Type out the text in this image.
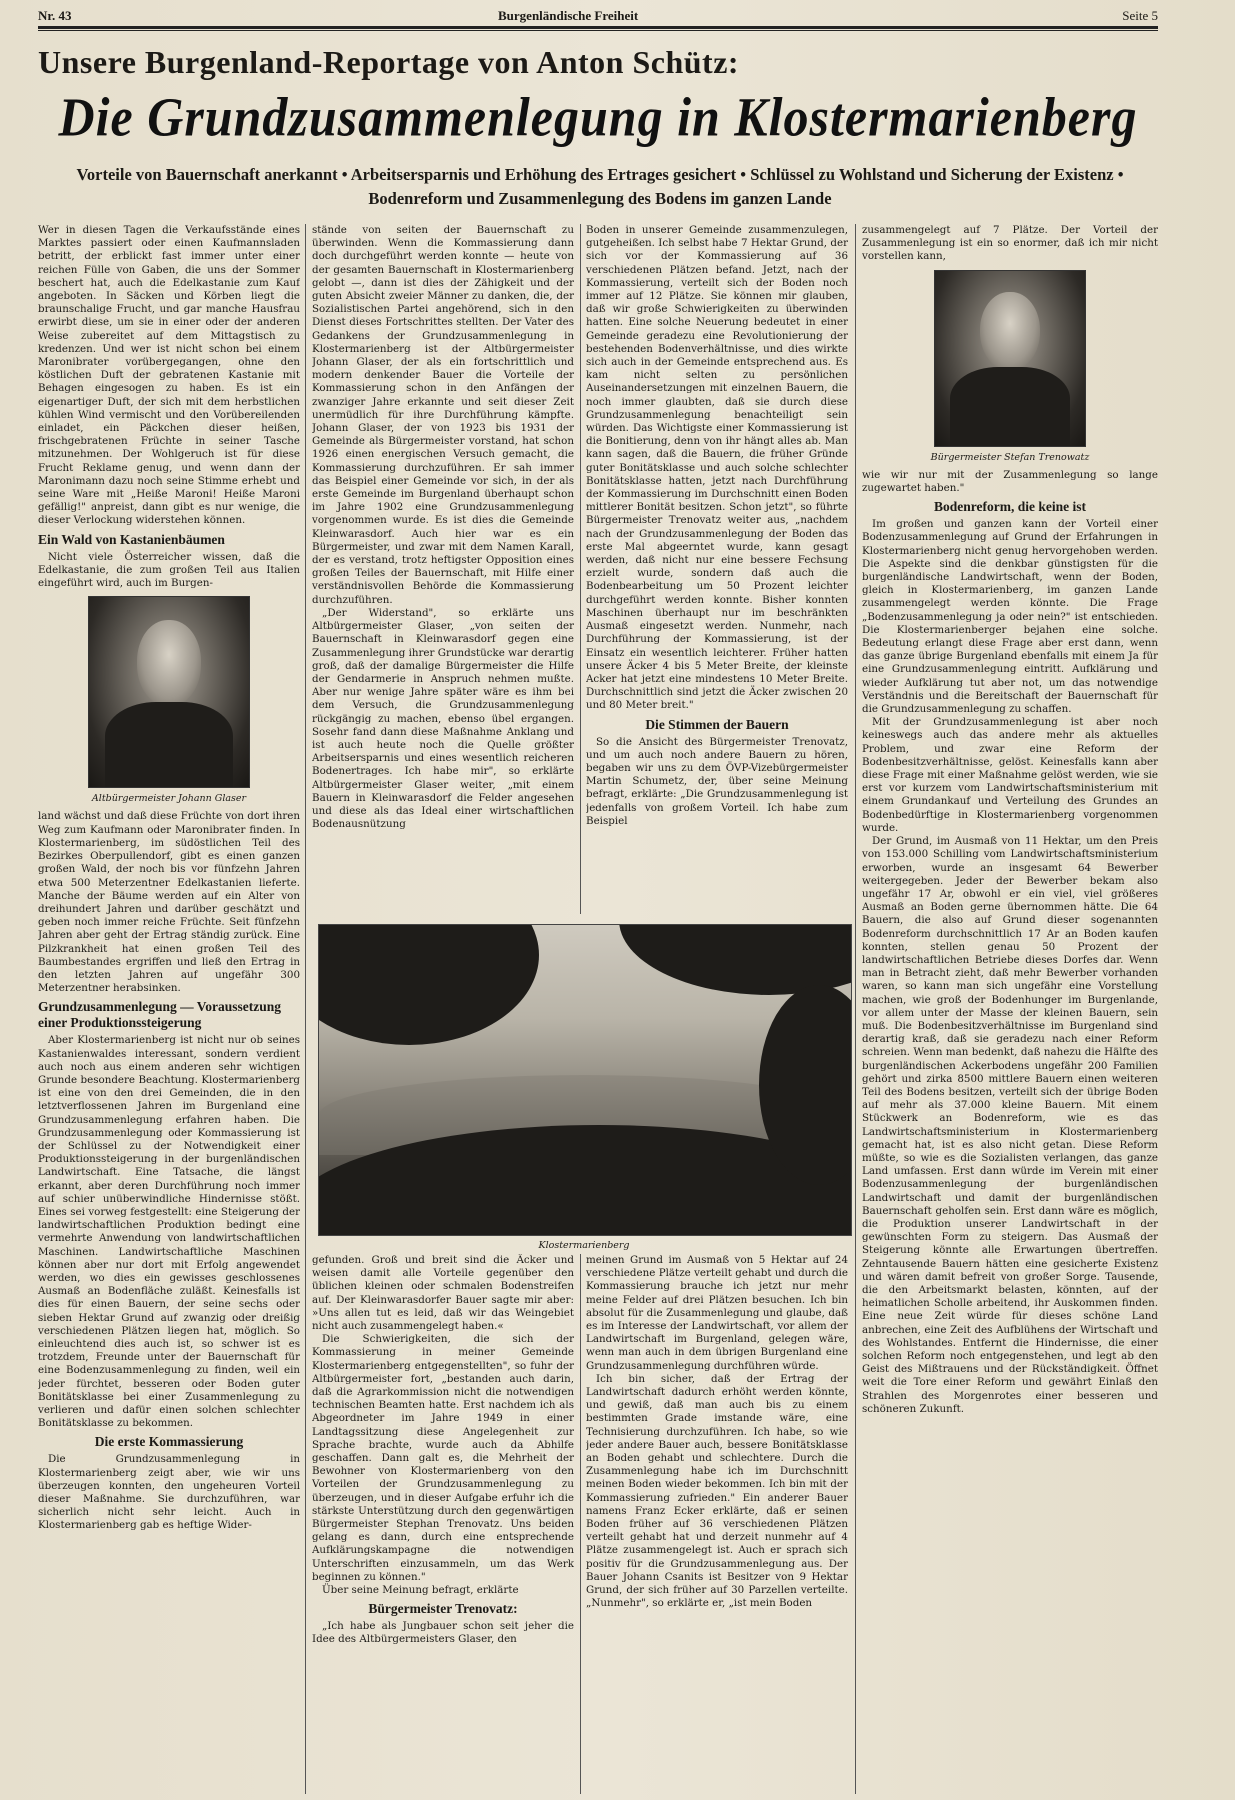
Nr. 43	Burgenländische Freiheit	Seite 5
Unsere Burgenland-Reportage von Anton Schütz:
Die Grundzusammenlegung in Klostermarienberg
Vorteile von Bauernschaft anerkannt • Arbeitsersparnis und Erhöhung des Ertrages gesichert • Schlüssel zu Wohlstand und Sicherung der Existenz • Bodenreform und Zusammenlegung des Bodens im ganzen Lande

Wer in diesen Tagen die Verkaufsstände eines Marktes passiert oder einen Kaufmannsladen betritt, der erblickt fast immer unter einer reichen Fülle von Gaben, die uns der Sommer beschert hat, auch die Edelkastanie zum Kauf angeboten. In Säcken und Körben liegt die braunschalige Frucht, und gar manche Hausfrau erwirbt diese, um sie in einer oder der anderen Weise zubereitet auf dem Mittagstisch zu kredenzen. Und wer ist nicht schon bei einem Maronibrater vorübergegangen, ohne den köstlichen Duft der gebratenen Kastanie mit Behagen eingesogen zu haben. Es ist ein eigenartiger Duft, der sich mit dem herbstlichen kühlen Wind vermischt und den Vorübereilenden einladet, ein Päckchen dieser heißen, frischgebratenen Früchte in seiner Tasche mitzunehmen. Der Wohlgeruch ist für diese Frucht Reklame genug, und wenn dann der Maronimann dazu noch seine Stimme erhebt und seine Ware mit „Heiße Maroni! Heiße Maroni gefällig!" anpreist, dann gibt es nur wenige, die dieser Verlockung widerstehen können.

Ein Wald von Kastanienbäumen

Nicht viele Österreicher wissen, daß die Edelkastanie, die zum großen Teil aus Italien eingeführt wird, auch im Burgen-

Altbürgermeister Johann Glaser

land wächst und daß diese Früchte von dort ihren Weg zum Kaufmann oder Maronibrater finden. In Klostermarienberg, im südöstlichen Teil des Bezirkes Oberpullendorf, gibt es einen ganzen großen Wald, der noch bis vor fünfzehn Jahren etwa 500 Meterzentner Edelkastanien lieferte. Manche der Bäume werden auf ein Alter von dreihundert Jahren und darüber geschätzt und geben noch immer reiche Früchte. Seit fünfzehn Jahren aber geht der Ertrag ständig zurück. Eine Pilzkrankheit hat einen großen Teil des Baumbestandes ergriffen und ließ den Ertrag in den letzten Jahren auf ungefähr 300 Meterzentner herabsinken.

Grundzusammenlegung — Voraussetzung einer Produktionssteigerung

Aber Klostermarienberg ist nicht nur ob seines Kastanienwaldes interessant, sondern verdient auch noch aus einem anderen sehr wichtigen Grunde besondere Beachtung. Klostermarienberg ist eine von den drei Gemeinden, die in den letztverflossenen Jahren im Burgenland eine Grundzusammenlegung erfahren haben. Die Grundzusammenlegung oder Kommassierung ist der Schlüssel zu der Notwendigkeit einer Produktionssteigerung in der burgenländischen Landwirtschaft. Eine Tatsache, die längst erkannt, aber deren Durchführung noch immer auf schier unüberwindliche Hindernisse stößt. Eines sei vorweg festgestellt: eine Steigerung der landwirtschaftlichen Produktion bedingt eine vermehrte Anwendung von landwirtschaftlichen Maschinen. Landwirtschaftliche Maschinen können aber nur dort mit Erfolg angewendet werden, wo dies ein gewisses geschlossenes Ausmaß an Bodenfläche zuläßt. Keinesfalls ist dies für einen Bauern, der seine sechs oder sieben Hektar Grund auf zwanzig oder dreißig verschiedenen Plätzen liegen hat, möglich. So einleuchtend dies auch ist, so schwer ist es trotzdem, Freunde unter der Bauernschaft für eine Bodenzusammenlegung zu finden, weil ein jeder fürchtet, besseren oder Boden guter Bonitätsklasse bei einer Zusammenlegung zu verlieren und dafür einen solchen schlechter Bonitätsklasse zu bekommen.

Die erste Kommassierung

Die Grundzusammenlegung in Klostermarienberg zeigt aber, wie wir uns überzeugen konnten, den ungeheuren Vorteil dieser Maßnahme. Sie durchzuführen, war sicherlich nicht sehr leicht. Auch in Klostermarienberg gab es heftige Wider-

stände von seiten der Bauernschaft zu überwinden. Wenn die Kommassierung dann doch durchgeführt werden konnte — heute von der gesamten Bauernschaft in Klostermarienberg gelobt —, dann ist dies der Zähigkeit und der guten Absicht zweier Männer zu danken, die, der Sozialistischen Partei angehörend, sich in den Dienst dieses Fortschrittes stellten. Der Vater des Gedankens der Grundzusammenlegung in Klostermarienberg ist der Altbürgermeister Johann Glaser, der als ein fortschrittlich und modern denkender Bauer die Vorteile der Kommassierung schon in den Anfängen der zwanziger Jahre erkannte und seit dieser Zeit unermüdlich für ihre Durchführung kämpfte. Johann Glaser, der von 1923 bis 1931 der Gemeinde als Bürgermeister vorstand, hat schon 1926 einen energischen Versuch gemacht, die Kommassierung durchzuführen. Er sah immer das Beispiel einer Gemeinde vor sich, in der als erste Gemeinde im Burgenland überhaupt schon im Jahre 1902 eine Grundzusammenlegung vorgenommen wurde. Es ist dies die Gemeinde Kleinwarasdorf. Auch hier war es ein Bürgermeister, und zwar mit dem Namen Karall, der es verstand, trotz heftigster Opposition eines großen Teiles der Bauernschaft, mit Hilfe einer verständnisvollen Behörde die Kommassierung durchzuführen.

„Der Widerstand", so erklärte uns Altbürgermeister Glaser, „von seiten der Bauernschaft in Kleinwarasdorf gegen eine Zusammenlegung ihrer Grundstücke war derartig groß, daß der damalige Bürgermeister die Hilfe der Gendarmerie in Anspruch nehmen mußte. Aber nur wenige Jahre später wäre es ihm bei dem Versuch, die Grundzusammenlegung rückgängig zu machen, ebenso übel ergangen. Sosehr fand dann diese Maßnahme Anklang und ist auch heute noch die Quelle größter Arbeitsersparnis und eines wesentlich reicheren Bodenertrages. Ich habe mir", so erklärte Altbürgermeister Glaser weiter, „mit einem Bauern in Kleinwarasdorf die Felder angesehen und diese als das Ideal einer wirtschaftlichen Bodenausnützung

Boden in unserer Gemeinde zusammenzulegen, gutgeheißen. Ich selbst habe 7 Hektar Grund, der sich vor der Kommassierung auf 36 verschiedenen Plätzen befand. Jetzt, nach der Kommassierung, verteilt sich der Boden noch immer auf 12 Plätze. Sie können mir glauben, daß wir große Schwierigkeiten zu überwinden hatten. Eine solche Neuerung bedeutet in einer Gemeinde geradezu eine Revolutionierung der bestehenden Bodenverhältnisse, und dies wirkte sich auch in der Gemeinde entsprechend aus. Es kam nicht selten zu persönlichen Auseinandersetzungen mit einzelnen Bauern, die noch immer glaubten, daß sie durch diese Grundzusammenlegung benachteiligt sein würden. Das Wichtigste einer Kommassierung ist die Bonitierung, denn von ihr hängt alles ab. Man kann sagen, daß die Bauern, die früher Gründe guter Bonitätsklasse und auch solche schlechter Bonitätsklasse hatten, jetzt nach Durchführung der Kommassierung im Durchschnitt einen Boden mittlerer Bonität besitzen. Schon jetzt", so führte Bürgermeister Trenovatz weiter aus, „nachdem nach der Grundzusammenlegung der Boden das erste Mal abgeerntet wurde, kann gesagt werden, daß nicht nur eine bessere Fechsung erzielt wurde, sondern daß auch die Bodenbearbeitung um 50 Prozent leichter durchgeführt werden konnte. Bisher konnten Maschinen überhaupt nur im beschränkten Ausmaß eingesetzt werden. Nunmehr, nach Durchführung der Kommassierung, ist der Einsatz ein wesentlich leichterer. Früher hatten unsere Äcker 4 bis 5 Meter Breite, der kleinste Acker hat jetzt eine mindestens 10 Meter Breite. Durchschnittlich sind jetzt die Äcker zwischen 20 und 80 Meter breit."

Die Stimmen der Bauern

So die Ansicht des Bürgermeister Trenovatz, und um auch noch andere Bauern zu hören, begaben wir uns zu dem ÖVP-Vizebürgermeister Martin Schumetz, der, über seine Meinung befragt, erklärte: „Die Grundzusammenlegung ist jedenfalls von großem Vorteil. Ich habe zum Beispiel

Klostermarienberg

gefunden. Groß und breit sind die Äcker und weisen damit alle Vorteile gegenüber den üblichen kleinen oder schmalen Bodenstreifen auf. Der Kleinwarasdorfer Bauer sagte mir aber: »Uns allen tut es leid, daß wir das Weingebiet nicht auch zusammengelegt haben.«

Die Schwierigkeiten, die sich der Kommassierung in meiner Gemeinde Klostermarienberg entgegenstellten", so fuhr der Altbürgermeister fort, „bestanden auch darin, daß die Agrarkommission nicht die notwendigen technischen Beamten hatte. Erst nachdem ich als Abgeordneter im Jahre 1949 in einer Landtagssitzung diese Angelegenheit zur Sprache brachte, wurde auch da Abhilfe geschaffen. Dann galt es, die Mehrheit der Bewohner von Klostermarienberg von den Vorteilen der Grundzusammenlegung zu überzeugen, und in dieser Aufgabe erfuhr ich die stärkste Unterstützung durch den gegenwärtigen Bürgermeister Stephan Trenovatz. Uns beiden gelang es dann, durch eine entsprechende Aufklärungskampagne die notwendigen Unterschriften einzusammeln, um das Werk beginnen zu können."

Über seine Meinung befragt, erklärte

Bürgermeister Trenovatz:

„Ich habe als Jungbauer schon seit jeher die Idee des Altbürgermeisters Glaser, den

meinen Grund im Ausmaß von 5 Hektar auf 24 verschiedene Plätze verteilt gehabt und durch die Kommassierung brauche ich jetzt nur mehr meine Felder auf drei Plätzen besuchen. Ich bin absolut für die Zusammenlegung und glaube, daß es im Interesse der Landwirtschaft, vor allem der Landwirtschaft im Burgenland, gelegen wäre, wenn man auch in dem übrigen Burgenland eine Grundzusammenlegung durchführen würde.

Ich bin sicher, daß der Ertrag der Landwirtschaft dadurch erhöht werden könnte, und gewiß, daß man auch bis zu einem bestimmten Grade imstande wäre, eine Technisierung durchzuführen. Ich habe, so wie jeder andere Bauer auch, bessere Bonitätsklasse an Boden gehabt und schlechtere. Durch die Zusammenlegung habe ich im Durchschnitt meinen Boden wieder bekommen. Ich bin mit der Kommassierung zufrieden." Ein anderer Bauer namens Franz Ecker erklärte, daß er seinen Boden früher auf 36 verschiedenen Plätzen verteilt gehabt hat und derzeit nunmehr auf 4 Plätze zusammengelegt ist. Auch er sprach sich positiv für die Grundzusammenlegung aus. Der Bauer Johann Csanits ist Besitzer von 9 Hektar Grund, der sich früher auf 30 Parzellen verteilte. „Nunmehr", so erklärte er, „ist mein Boden

zusammengelegt auf 7 Plätze. Der Vorteil der Zusammenlegung ist ein so enormer, daß ich mir nicht vorstellen kann,

Bürgermeister Stefan Trenowatz

wie wir nur mit der Zusammenlegung so lange zugewartet haben."

Bodenreform, die keine ist

Im großen und ganzen kann der Vorteil einer Bodenzusammenlegung auf Grund der Erfahrungen in Klostermarienberg nicht genug hervorgehoben werden. Die Aspekte sind die denkbar günstigsten für die burgenländische Landwirtschaft, wenn der Boden, gleich in Klostermarienberg, im ganzen Lande zusammengelegt werden könnte. Die Frage „Bodenzusammenlegung ja oder nein?" ist entschieden. Die Klostermarienberger bejahen eine solche. Bedeutung erlangt diese Frage aber erst dann, wenn das ganze übrige Burgenland ebenfalls mit einem Ja für eine Grundzusammenlegung eintritt. Aufklärung und wieder Aufklärung tut aber not, um das notwendige Verständnis und die Bereitschaft der Bauernschaft für die Grundzusammenlegung zu schaffen.

Mit der Grundzusammenlegung ist aber noch keineswegs auch das andere mehr als aktuelles Problem, und zwar eine Reform der Bodenbesitzverhältnisse, gelöst. Keinesfalls kann aber diese Frage mit einer Maßnahme gelöst werden, wie sie erst vor kurzem vom Landwirtschaftsministerium mit einem Grundankauf und Verteilung des Grundes an Bodenbedürftige in Klostermarienberg vorgenommen wurde.

Der Grund, im Ausmaß von 11 Hektar, um den Preis von 153.000 Schilling vom Landwirtschaftsministerium erworben, wurde an insgesamt 64 Bewerber weitergegeben. Jeder der Bewerber bekam also ungefähr 17 Ar, obwohl er ein viel, viel größeres Ausmaß an Boden gerne übernommen hätte. Die 64 Bauern, die also auf Grund dieser sogenannten Bodenreform durchschnittlich 17 Ar an Boden kaufen konnten, stellen genau 50 Prozent der landwirtschaftlichen Betriebe dieses Dorfes dar. Wenn man in Betracht zieht, daß mehr Bewerber vorhanden waren, so kann man sich ungefähr eine Vorstellung machen, wie groß der Bodenhunger im Burgenlande, vor allem unter der Masse der kleinen Bauern, sein muß. Die Bodenbesitzverhältnisse im Burgenland sind derartig kraß, daß sie geradezu nach einer Reform schreien. Wenn man bedenkt, daß nahezu die Hälfte des burgenländischen Ackerbodens ungefähr 200 Familien gehört und zirka 8500 mittlere Bauern einen weiteren Teil des Bodens besitzen, verteilt sich der übrige Boden auf mehr als 37.000 kleine Bauern. Mit einem Stückwerk an Bodenreform, wie es das Landwirtschaftsministerium in Klostermarienberg gemacht hat, ist es also nicht getan. Diese Reform müßte, so wie es die Sozialisten verlangen, das ganze Land umfassen. Erst dann würde im Verein mit einer Bodenzusammenlegung der burgenländischen Landwirtschaft und damit der burgenländischen Bauernschaft geholfen sein. Erst dann wäre es möglich, die Produktion unserer Landwirtschaft in der gewünschten Form zu steigern. Das Ausmaß der Steigerung könnte alle Erwartungen übertreffen. Zehntausende Bauern hätten eine gesicherte Existenz und wären damit befreit von großer Sorge. Tausende, die den Arbeitsmarkt belasten, könnten, auf der heimatlichen Scholle arbeitend, ihr Auskommen finden. Eine neue Zeit würde für dieses schöne Land anbrechen, eine Zeit des Aufblühens der Wirtschaft und des Wohlstandes. Entfernt die Hindernisse, die einer solchen Reform noch entgegenstehen, und legt ab den Geist des Mißtrauens und der Rückständigkeit. Öffnet weit die Tore einer Reform und gewährt Einlaß den Strahlen des Morgenrotes einer besseren und schöneren Zukunft.
